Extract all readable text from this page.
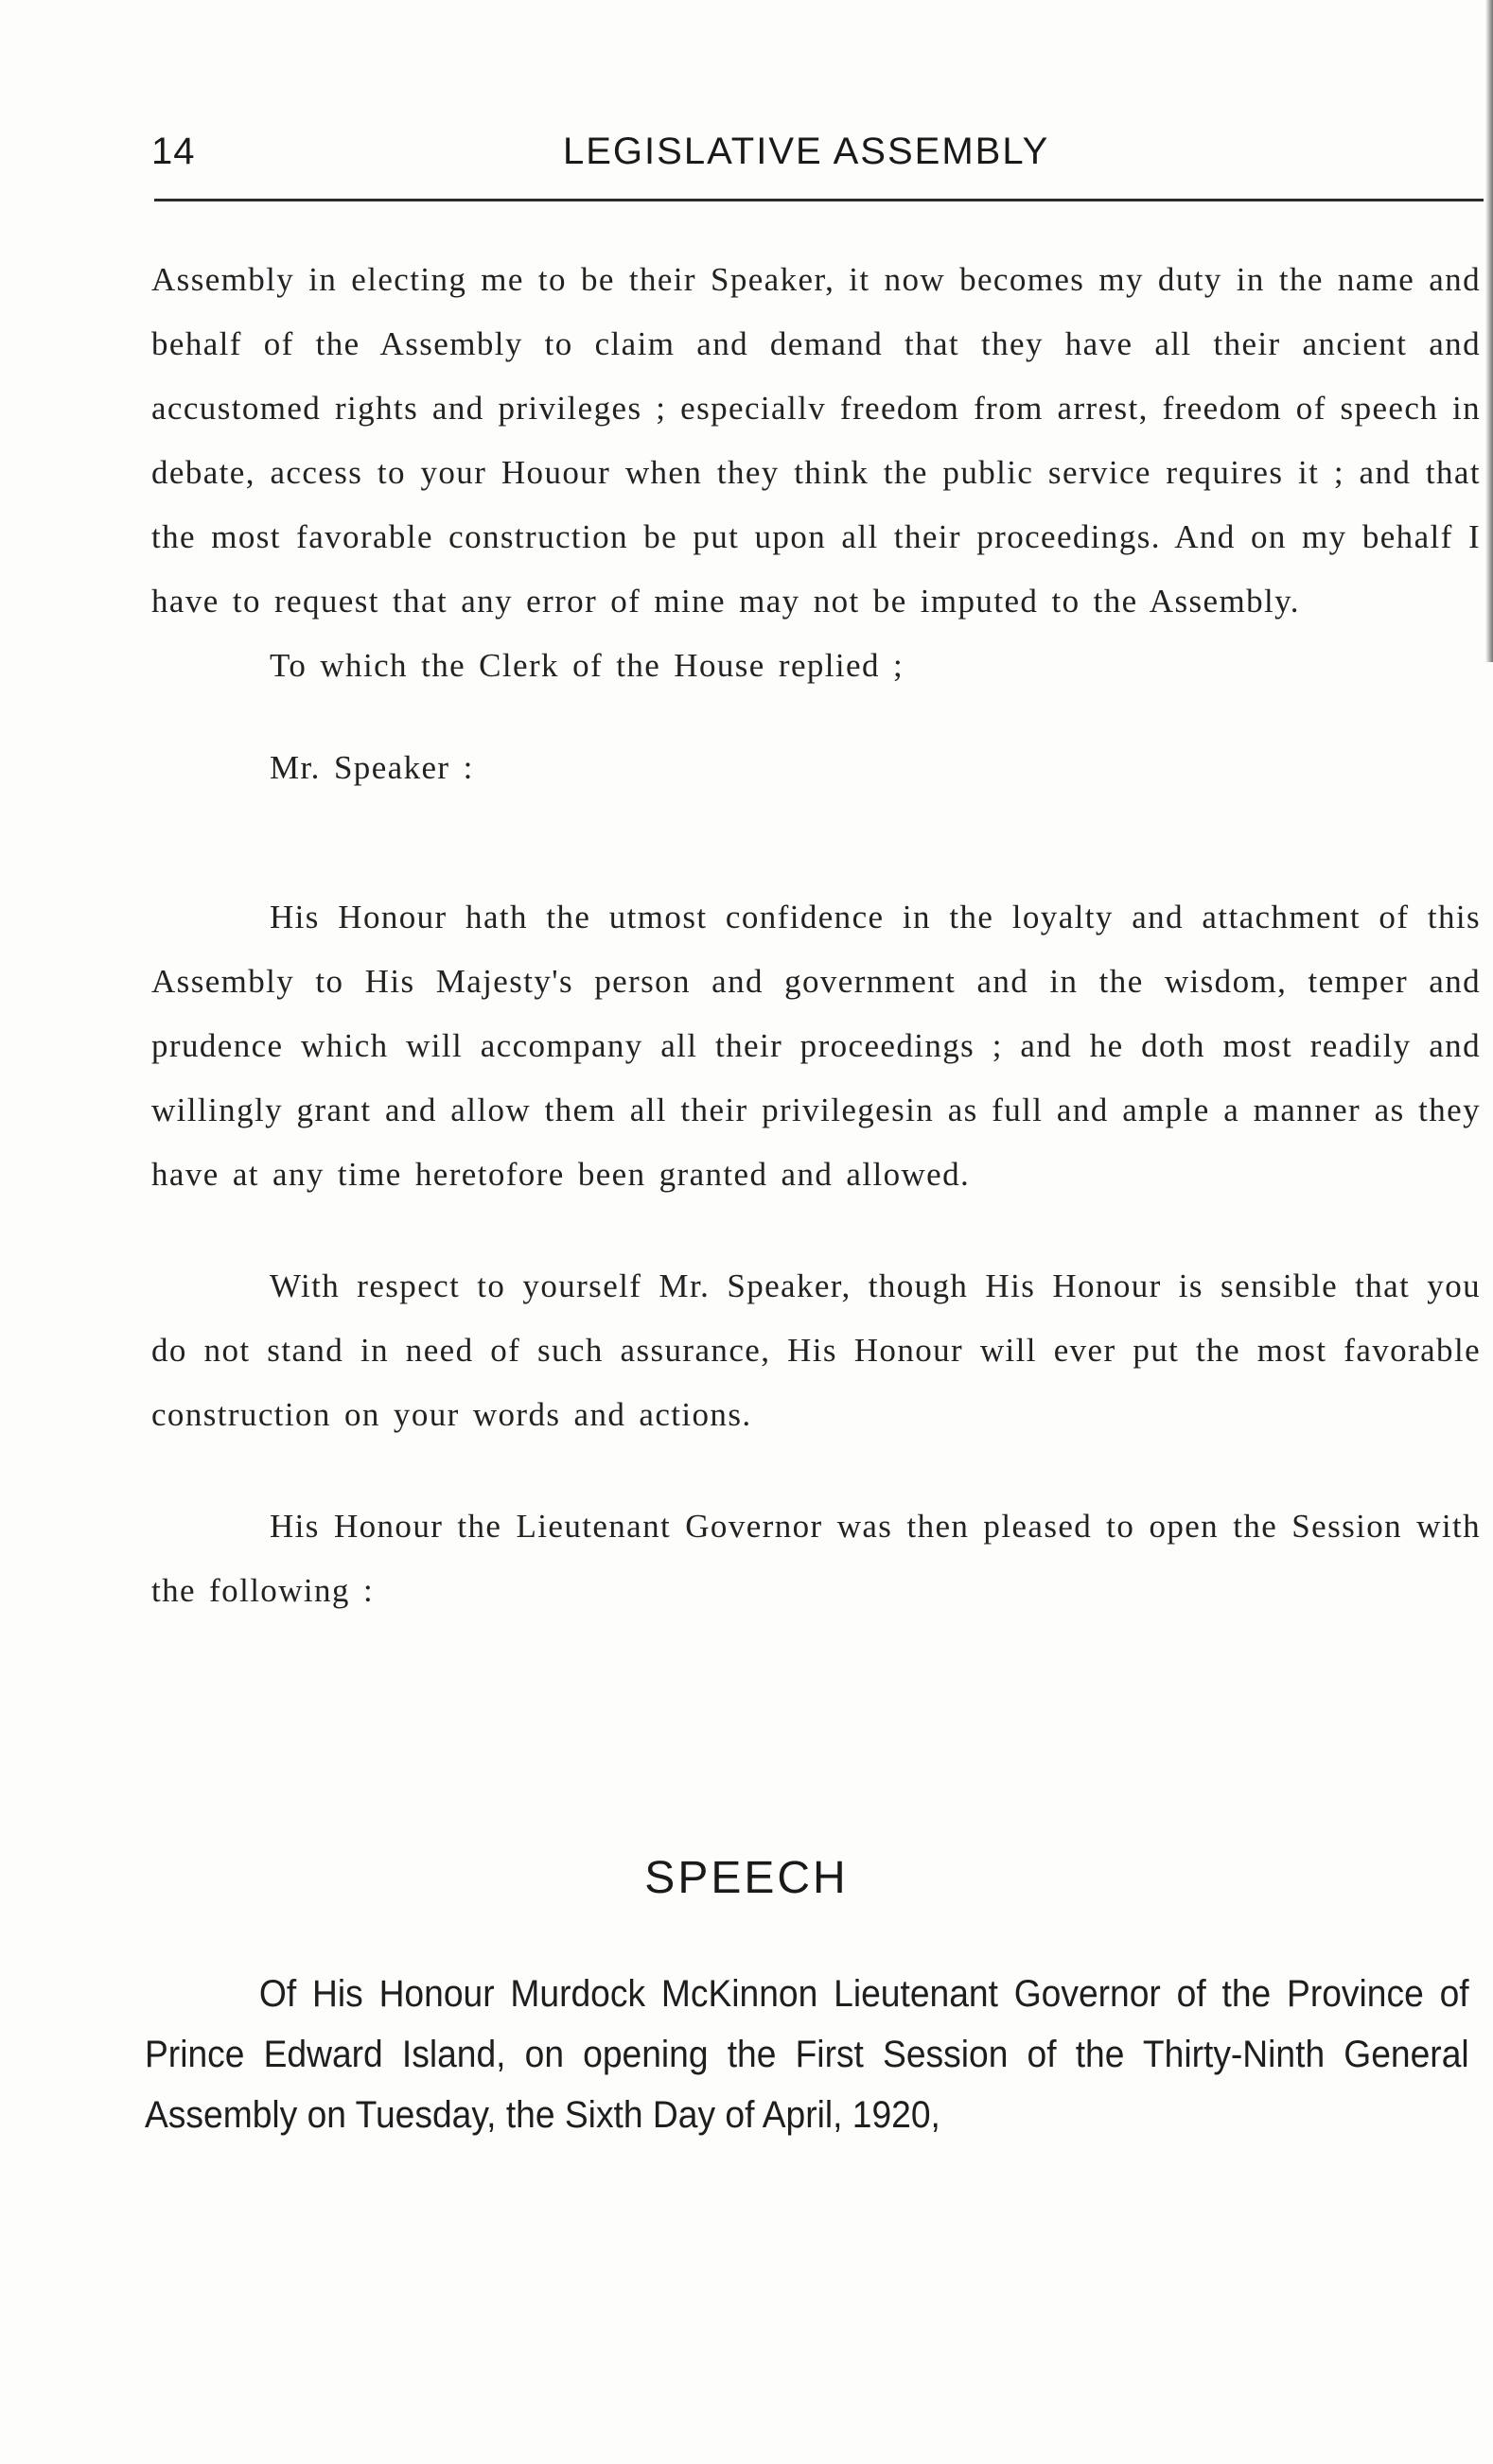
14	LEGISLATIVE ASSEMBLY

Assembly in electing me to be their Speaker, it now becomes my duty in the name and behalf of the Assembly to claim and demand that they have all their ancient and accustomed rights and privileges ; especiallv freedom from arrest, freedom of speech in debate, access to your Houour when they think the public service requires it ; and that the most favorable construction be put upon all their proceedings. And on my behalf I have to request that any error of mine may not be imputed to the Assembly.

To which the Clerk of the House replied ;

Mr. Speaker :

His Honour hath the utmost confidence in the loyalty and attachment of this Assembly to His Majesty's person and government and in the wisdom, temper and prudence which will accompany all their proceedings ; and he doth most readily and willingly grant and allow them all their privilegesin as full and ample a manner as they have at any time heretofore been granted and allowed.

With respect to yourself Mr. Speaker, though His Honour is sensible that you do not stand in need of such assurance, His Honour will ever put the most favorable construction on your words and actions.

His Honour the Lieutenant Governor was then pleased to open the Session with the following :

SPEECH

Of His Honour Murdock McKinnon Lieutenant Governor of the Province of Prince Edward Island, on opening the First Session of the Thirty-Ninth General Assembly on Tuesday, the Sixth Day of April, 1920,
